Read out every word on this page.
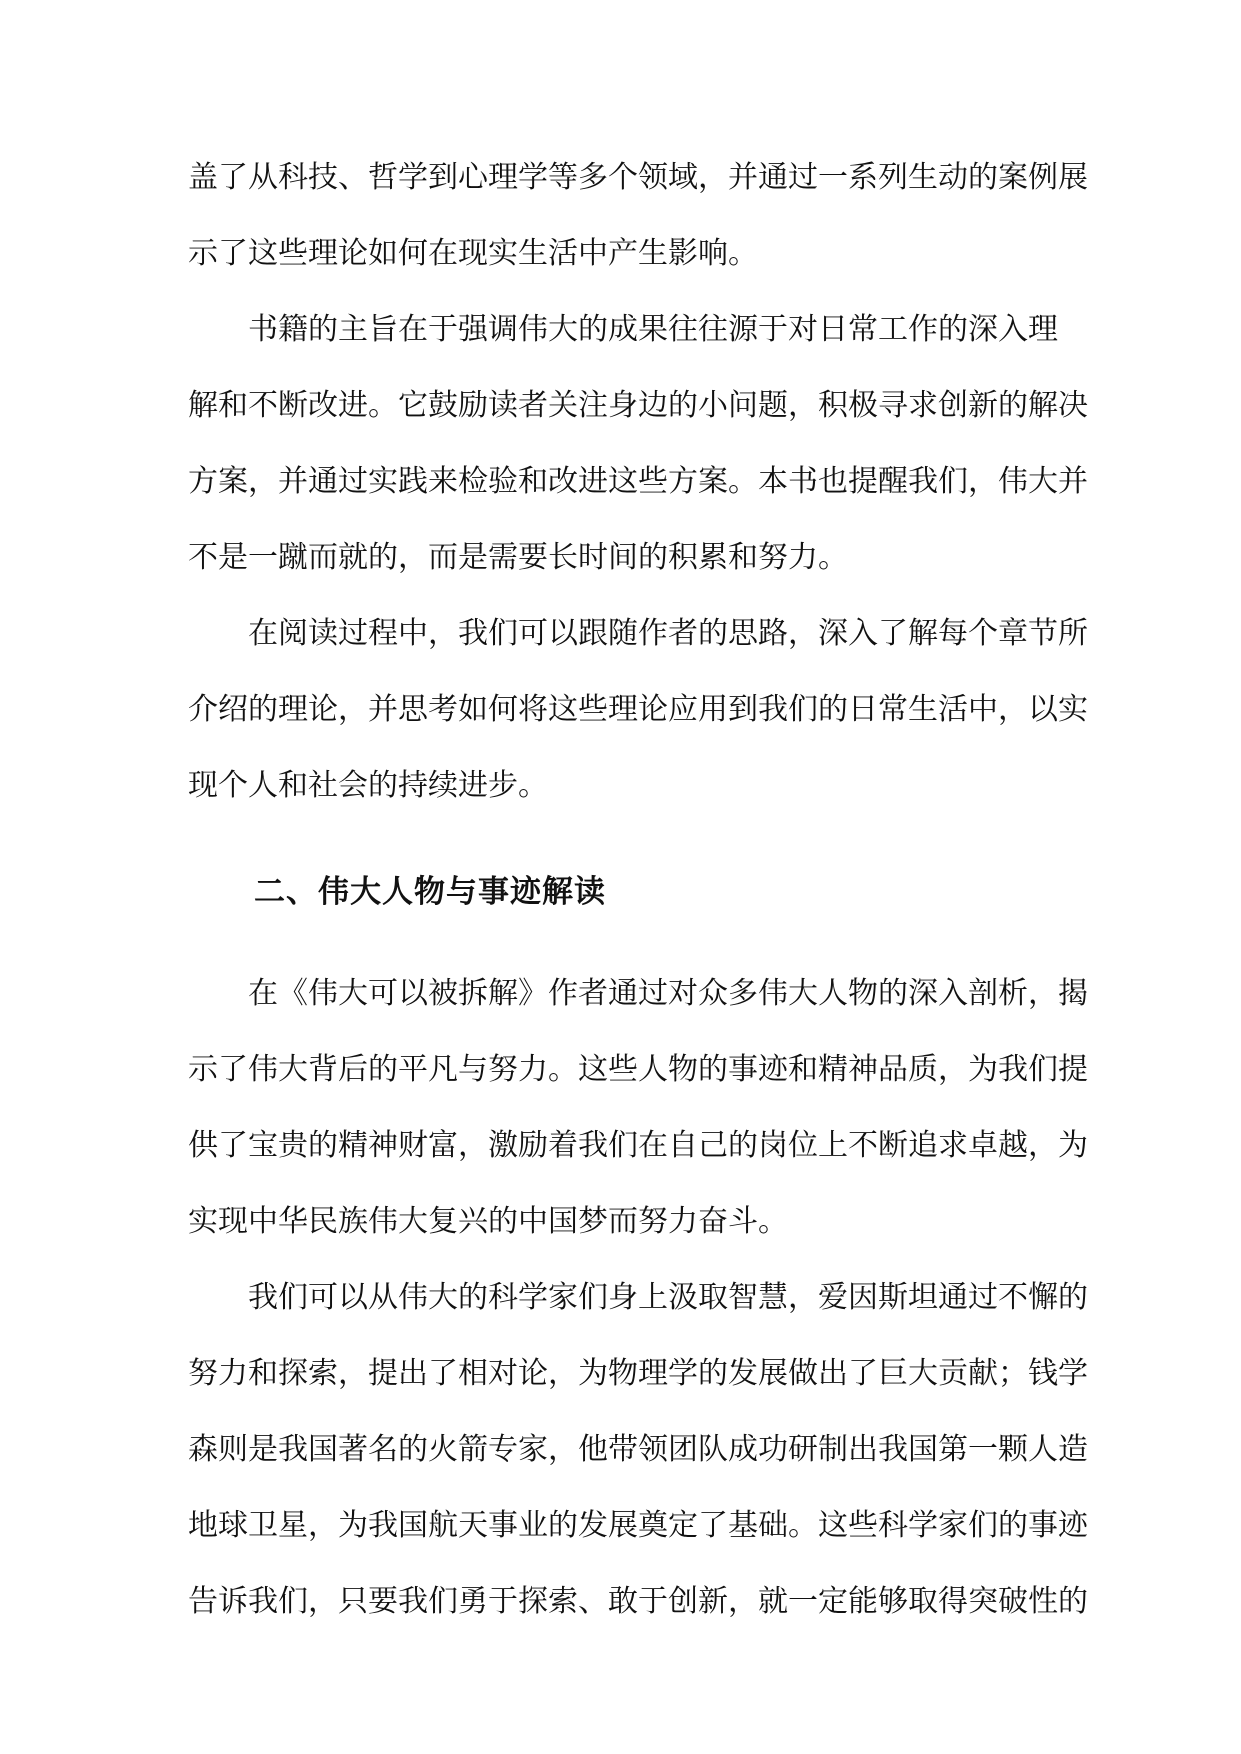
盖了从科技、哲学到心理学等多个领域，并通过一系列生动的案例展
示了这些理论如何在现实生活中产生影响。
书籍的主旨在于强调伟大的成果往往源于对日常工作的深入理
解和不断改进。它鼓励读者关注身边的小问题，积极寻求创新的解决
方案，并通过实践来检验和改进这些方案。本书也提醒我们，伟大并
不是一蹴而就的，而是需要长时间的积累和努力。
在阅读过程中，我们可以跟随作者的思路，深入了解每个章节所
介绍的理论，并思考如何将这些理论应用到我们的日常生活中，以实
现个人和社会的持续进步。
二、伟大人物与事迹解读
在《伟大可以被拆解》作者通过对众多伟大人物的深入剖析，揭
示了伟大背后的平凡与努力。这些人物的事迹和精神品质，为我们提
供了宝贵的精神财富，激励着我们在自己的岗位上不断追求卓越，为
实现中华民族伟大复兴的中国梦而努力奋斗。
我们可以从伟大的科学家们身上汲取智慧，爱因斯坦通过不懈的
努力和探索，提出了相对论，为物理学的发展做出了巨大贡献；钱学
森则是我国著名的火箭专家，他带领团队成功研制出我国第一颗人造
地球卫星，为我国航天事业的发展奠定了基础。这些科学家们的事迹
告诉我们，只要我们勇于探索、敢于创新，就一定能够取得突破性的
